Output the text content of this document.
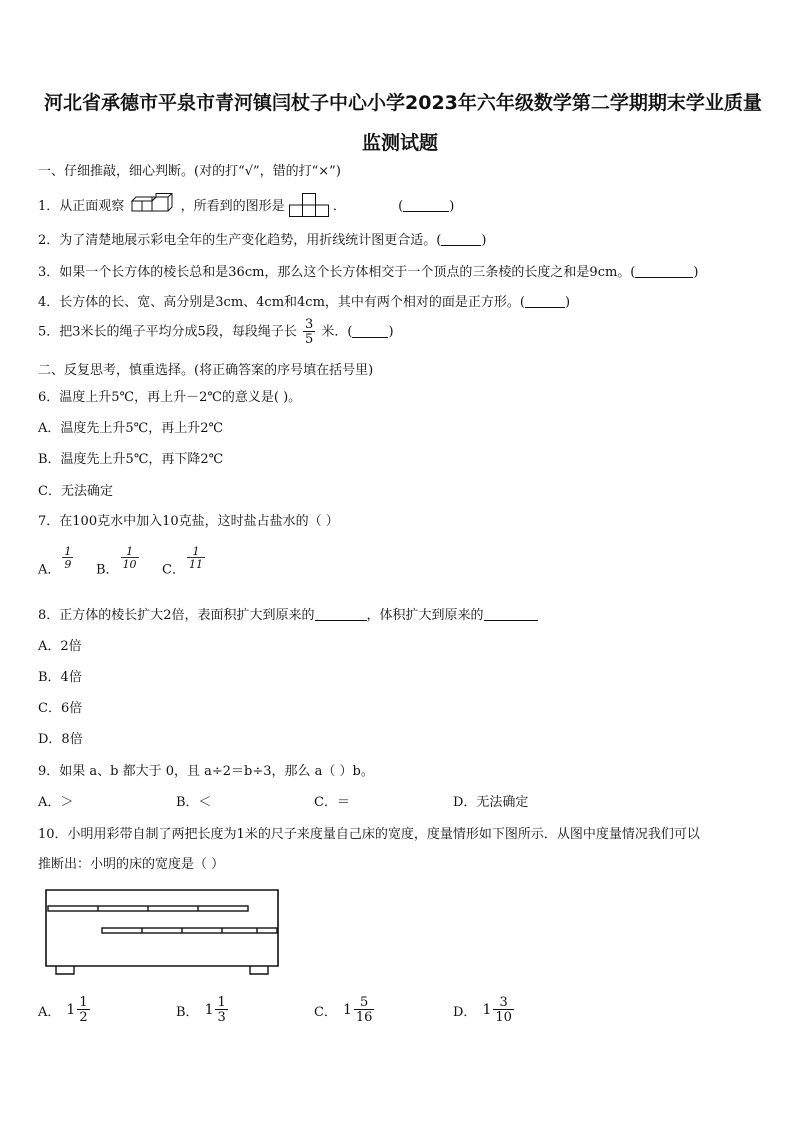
河北省承德市平泉市青河镇闫杖子中心小学2023年六年级数学第二学期期末学业质量
监测试题
一、仔细推敲，细心判断。(对的打“√”，错的打“×”)
1．从正面观察	，所看到的图形是	．	(	)
2．为了清楚地展示彩电全年的生产变化趋势，用折线统计图更合适。(	)
3．如果一个长方体的棱长总和是36cm，那么这个长方体相交于一个顶点的三条棱的长度之和是9cm。(	)
4．长方体的长、宽、高分别是3cm、4cm和4cm，其中有两个相对的面是正方形。(	)
5．把3米长的绳子平均分成5段，每段绳子长 $\frac{3}{5}$ 米．(	)
二、反复思考，慎重选择。(将正确答案的序号填在括号里)
6．温度上升5℃，再上升－2℃的意义是( )。
A．温度先上升5℃，再上升2℃
B．温度先上升5℃，再下降2℃
C．无法确定
7．在100克水中加入10克盐，这时盐占盐水的（ ）
A． $\frac{1}{9}$ B． $\frac{1}{10}$ C． $\frac{1}{11}$
8．正方体的棱长扩大2倍，表面积扩大到原来的	，体积扩大到原来的
A．2倍
B．4倍
C．6倍
D．8倍
9．如果 a、b 都大于 0，且 a÷2＝b÷3，那么 a（ ）b。
A．＞	B．＜	C．＝	D．无法确定
10．小明用彩带自制了两把长度为1米的尺子来度量自己床的宽度，度量情形如下图所示．从图中度量情况我们可以
推断出：小明的床的宽度是（ ）
A． $1 \frac{1}{2}$	B． $1 \frac{1}{3}$	C． $1 \frac{5}{16}$	D． $1 \frac{3}{10}$
